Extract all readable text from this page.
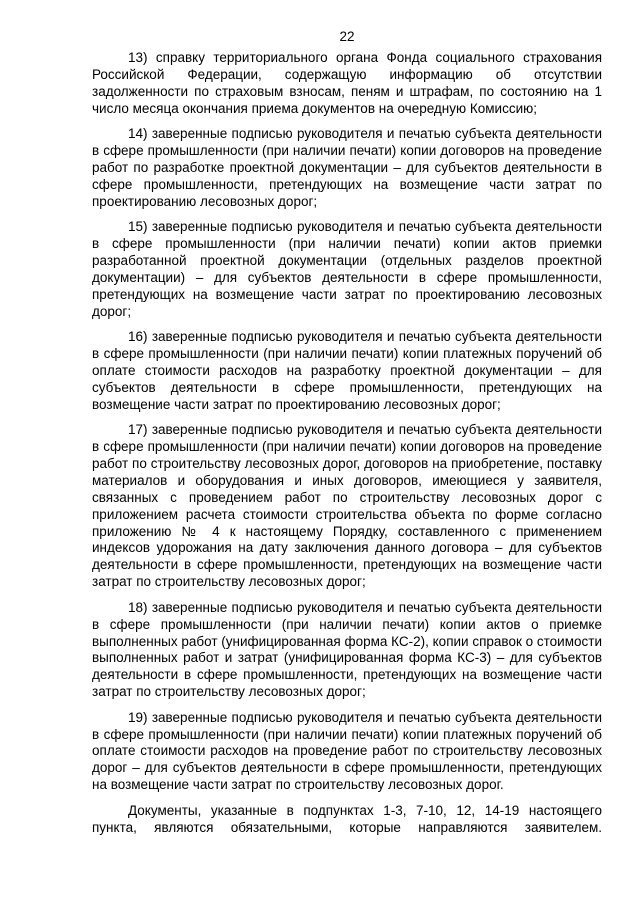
22

13) справку территориального органа Фонда социального страхования Российской Федерации, содержащую информацию об отсутствии задолженности по страховым взносам, пеням и штрафам, по состоянию на 1 число месяца окончания приема документов на очередную Комиссию;

14) заверенные подписью руководителя и печатью субъекта деятельности в сфере промышленности (при наличии печати) копии договоров на проведение работ по разработке проектной документации – для субъектов деятельности в сфере промышленности, претендующих на возмещение части затрат по проектированию лесовозных дорог;

15) заверенные подписью руководителя и печатью субъекта деятельности в сфере промышленности (при наличии печати) копии актов приемки разработанной проектной документации (отдельных разделов проектной документации) – для субъектов деятельности в сфере промышленности, претендующих на возмещение части затрат по проектированию лесовозных дорог;

16) заверенные подписью руководителя и печатью субъекта деятельности в сфере промышленности (при наличии печати) копии платежных поручений об оплате стоимости расходов на разработку проектной документации – для субъектов деятельности в сфере промышленности, претендующих на возмещение части затрат по проектированию лесовозных дорог;

17) заверенные подписью руководителя и печатью субъекта деятельности в сфере промышленности (при наличии печати) копии договоров на проведение работ по строительству лесовозных дорог, договоров на приобретение, поставку материалов и оборудования и иных договоров, имеющиеся у заявителя, связанных с проведением работ по строительству лесовозных дорог с приложением расчета стоимости строительства объекта по форме согласно приложению № 4 к настоящему Порядку, составленного с применением индексов удорожания на дату заключения данного договора – для субъектов деятельности в сфере промышленности, претендующих на возмещение части затрат по строительству лесовозных дорог;

18) заверенные подписью руководителя и печатью субъекта деятельности в сфере промышленности (при наличии печати) копии актов о приемке выполненных работ (унифицированная форма КС-2), копии справок о стоимости выполненных работ и затрат (унифицированная форма КС-3) – для субъектов деятельности в сфере промышленности, претендующих на возмещение части затрат по строительству лесовозных дорог;

19) заверенные подписью руководителя и печатью субъекта деятельности в сфере промышленности (при наличии печати) копии платежных поручений об оплате стоимости расходов на проведение работ по строительству лесовозных дорог – для субъектов деятельности в сфере промышленности, претендующих на возмещение части затрат по строительству лесовозных дорог.

Документы, указанные в подпунктах 1-3, 7-10, 12, 14-19 настоящего пункта, являются обязательными, которые направляются заявителем.
